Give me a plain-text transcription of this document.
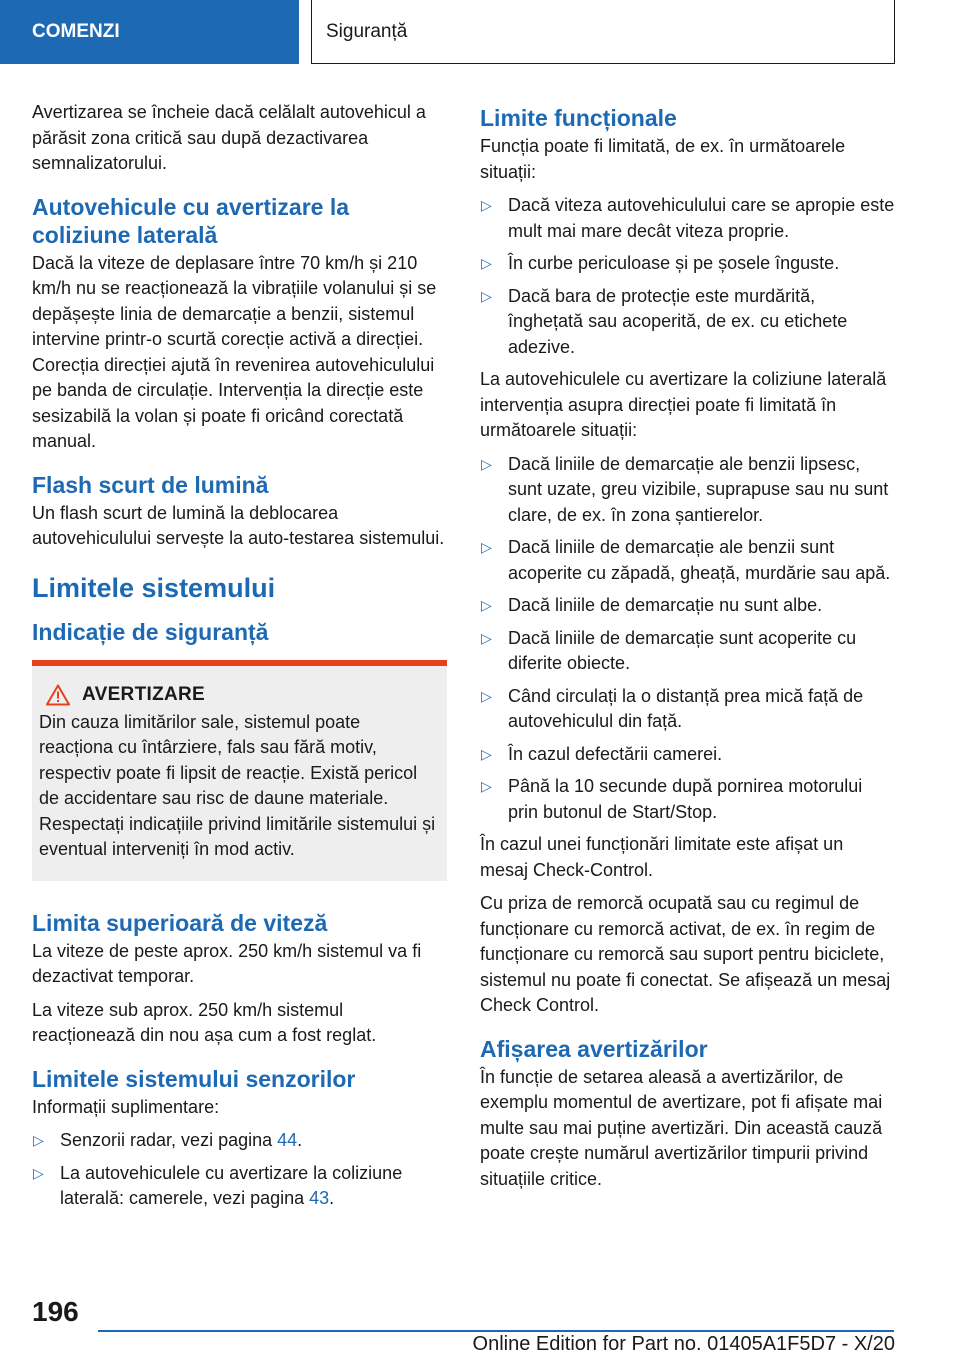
COMENZI	Siguranță

Avertizarea se încheie dacă celălalt autovehicul a părăsit zona critică sau după dezactivarea semnalizatorului.

Autovehicule cu avertizare la coliziune laterală

Dacă la viteze de deplasare între 70 km/h și 210 km/h nu se reacționează la vibrațiile volanului și se depășește linia de demarcație a benzii, sistemul intervine printr-o scurtă corecție activă a direcției. Corecția direcției ajută în revenirea autovehiculului pe banda de circulație. Intervenția la direcție este sesizabilă la volan și poate fi oricând corectată manual.

Flash scurt de lumină

Un flash scurt de lumină la deblocarea autovehiculului servește la auto-testarea sistemului.

Limitele sistemului
Indicație de siguranță
AVERTIZARE

Din cauza limitărilor sale, sistemul poate reacționa cu întârziere, fals sau fără motiv, respectiv poate fi lipsit de reacție. Există pericol de accidentare sau risc de daune materiale. Respectați indicațiile privind limitările sistemului și eventual interveniți în mod activ.

Limita superioară de viteză

La viteze de peste aprox. 250 km/h sistemul va fi dezactivat temporar.

La viteze sub aprox. 250 km/h sistemul reacționează din nou așa cum a fost reglat.

Limitele sistemului senzorilor

Informații suplimentare:

▷ Senzorii radar, vezi pagina 44.
▷ La autovehiculele cu avertizare la coliziune laterală: camerele, vezi pagina 43.
Limite funcționale

Funcția poate fi limitată, de ex. în următoarele situații:

▷ Dacă viteza autovehiculului care se apropie este mult mai mare decât viteza proprie.
▷ În curbe periculoase și pe șosele înguste.
▷ Dacă bara de protecție este murdărită, înghețată sau acoperită, de ex. cu etichete adezive.

La autovehiculele cu avertizare la coliziune laterală intervenția asupra direcției poate fi limitată în următoarele situații:

▷ Dacă liniile de demarcație ale benzii lipsesc, sunt uzate, greu vizibile, suprapuse sau nu sunt clare, de ex. în zona șantierelor.
▷ Dacă liniile de demarcație ale benzii sunt acoperite cu zăpadă, gheață, murdărie sau apă.
▷ Dacă liniile de demarcație nu sunt albe.
▷ Dacă liniile de demarcație sunt acoperite cu diferite obiecte.
▷ Când circulați la o distanță prea mică față de autovehiculul din față.
▷ În cazul defectării camerei.
▷ Până la 10 secunde după pornirea motorului prin butonul de Start/Stop.

În cazul unei funcționări limitate este afișat un mesaj Check-Control.

Cu priza de remorcă ocupată sau cu regimul de funcționare cu remorcă activat, de ex. în regim de funcționare cu remorcă sau suport pentru biciclete, sistemul nu poate fi conectat. Se afișează un mesaj Check Control.

Afișarea avertizărilor

În funcție de setarea aleasă a avertizărilor, de exemplu momentul de avertizare, pot fi afișate mai multe sau mai puține avertizări. Din această cauză poate crește numărul avertizărilor timpurii privind situațiile critice.

196
Online Edition for Part no. 01405A1F5D7 - X/20
